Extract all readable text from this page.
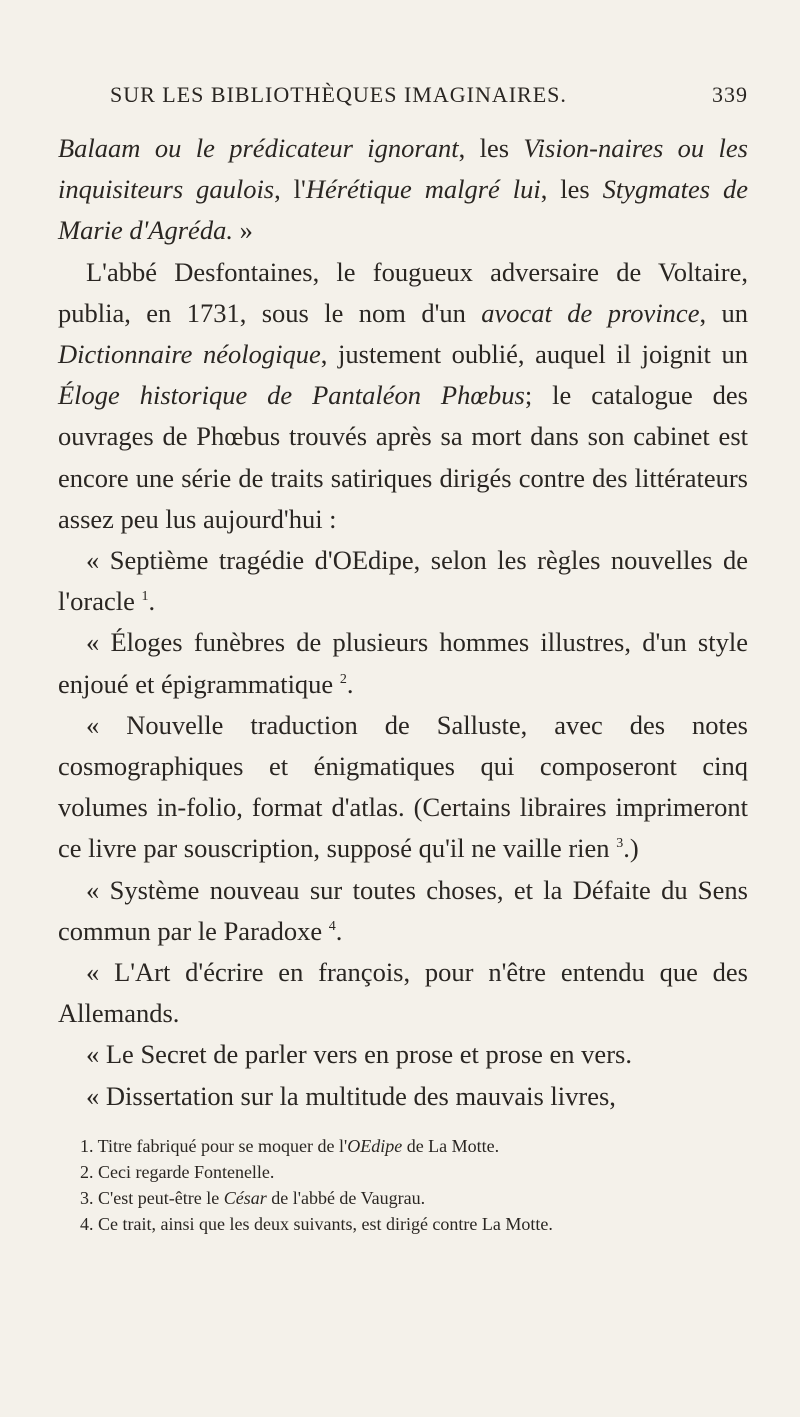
SUR LES BIBLIOTHÈQUES IMAGINAIRES.	339

Balaam ou le prédicateur ignorant, les Vision-naires ou les inquisiteurs gaulois, l'Hérétique malgré lui, les Stygmates de Marie d'Agréda. »

L'abbé Desfontaines, le fougueux adversaire de Voltaire, publia, en 1731, sous le nom d'un avocat de province, un Dictionnaire néologique, justement oublié, auquel il joignit un Éloge historique de Pantaléon Phœbus; le catalogue des ouvrages de Phœbus trouvés après sa mort dans son cabinet est encore une série de traits satiriques dirigés contre des littérateurs assez peu lus aujourd'hui :

« Septième tragédie d'OEdipe, selon les règles nouvelles de l'oracle $^1$.

« Éloges funèbres de plusieurs hommes illustres, d'un style enjoué et épigrammatique $^2$.

« Nouvelle traduction de Salluste, avec des notes cosmographiques et énigmatiques qui composeront cinq volumes in-folio, format d'atlas. (Certains libraires imprimeront ce livre par souscription, supposé qu'il ne vaille rien $^3$.)

« Système nouveau sur toutes choses, et la Défaite du Sens commun par le Paradoxe $^4$.

« L'Art d'écrire en françois, pour n'être entendu que des Allemands.

« Le Secret de parler vers en prose et prose en vers.

« Dissertation sur la multitude des mauvais livres,

1. Titre fabriqué pour se moquer de l'OEdipe de La Motte.

2. Ceci regarde Fontenelle.

3. C'est peut-être le César de l'abbé de Vaugrau.

4. Ce trait, ainsi que les deux suivants, est dirigé contre La Motte.
